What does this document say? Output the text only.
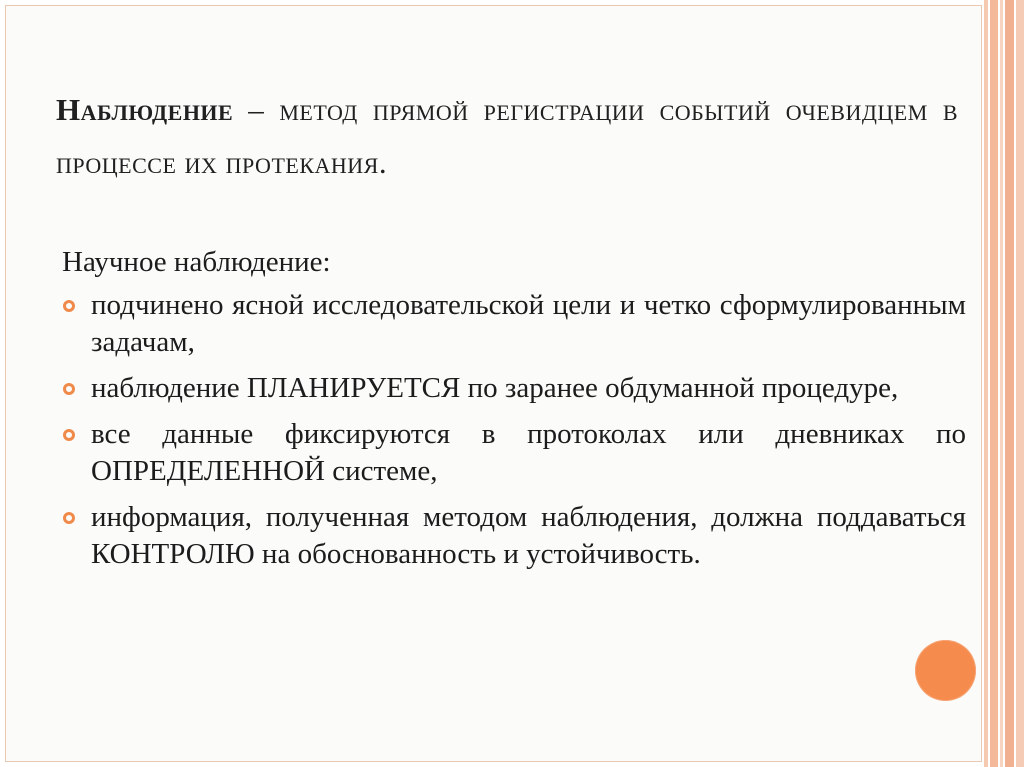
Наблюдение – метод прямой регистрации событий очевидцем в процессе их протекания.
Научное наблюдение:
подчинено ясной исследовательской цели и четко сформулированным задачам,
наблюдение ПЛАНИРУЕТСЯ по заранее обдуманной процедуре,
все данные фиксируются в протоколах или дневниках по ОПРЕДЕЛЕННОЙ системе,
информация, полученная методом наблюдения, должна поддаваться КОНТРОЛЮ на обоснованность и устойчивость.
